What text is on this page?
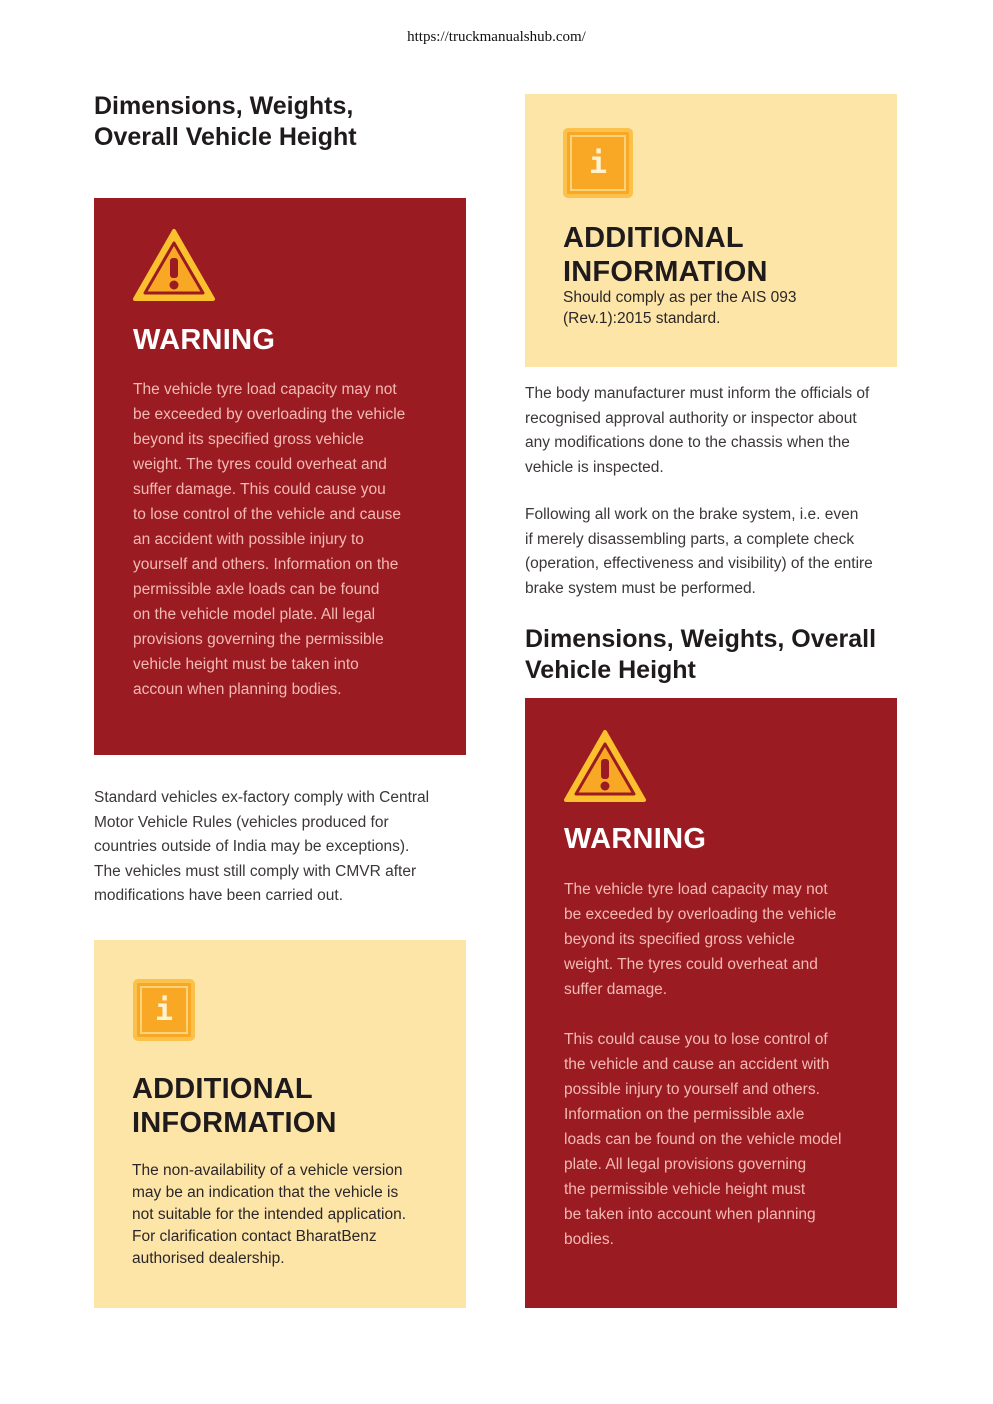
https://truckmanualshub.com/
Dimensions, Weights,
Overall Vehicle Height
WARNING
The vehicle tyre load capacity may not
be exceeded by overloading the vehicle
beyond its specified gross vehicle
weight. The tyres could overheat and
suffer damage. This could cause you
to lose control of the vehicle and cause
an accident with possible injury to
yourself and others. Information on the
permissible axle loads can be found
on the vehicle model plate. All legal
provisions governing the permissible
vehicle height must be taken into
accoun when planning bodies.
Standard vehicles ex-factory comply with Central
Motor Vehicle Rules (vehicles produced for
countries outside of India may be exceptions).
The vehicles must still comply with CMVR after
modifications have been carried out.
i
ADDITIONAL
INFORMATION
The non-availability of a vehicle version
may be an indication that the vehicle is
not suitable for the intended application.
For clarification contact BharatBenz
authorised dealership.
i
ADDITIONAL
INFORMATION
Should comply as per the AIS 093
(Rev.1):2015 standard.
The body manufacturer must inform the officials of
recognised approval authority or inspector about
any modifications done to the chassis when the
vehicle is inspected.
Following all work on the brake system, i.e. even
if merely disassembling parts, a complete check
(operation, effectiveness and visibility) of the entire
brake system must be performed.
Dimensions, Weights, Overall
Vehicle Height
WARNING
The vehicle tyre load capacity may not
be exceeded by overloading the vehicle
beyond its specified gross vehicle
weight. The tyres could overheat and
suffer damage.
This could cause you to lose control of
the vehicle and cause an accident with
possible injury to yourself and others.
Information on the permissible axle
loads can be found on the vehicle model
plate. All legal provisions governing
the permissible vehicle height must
be taken into account when planning
bodies.
